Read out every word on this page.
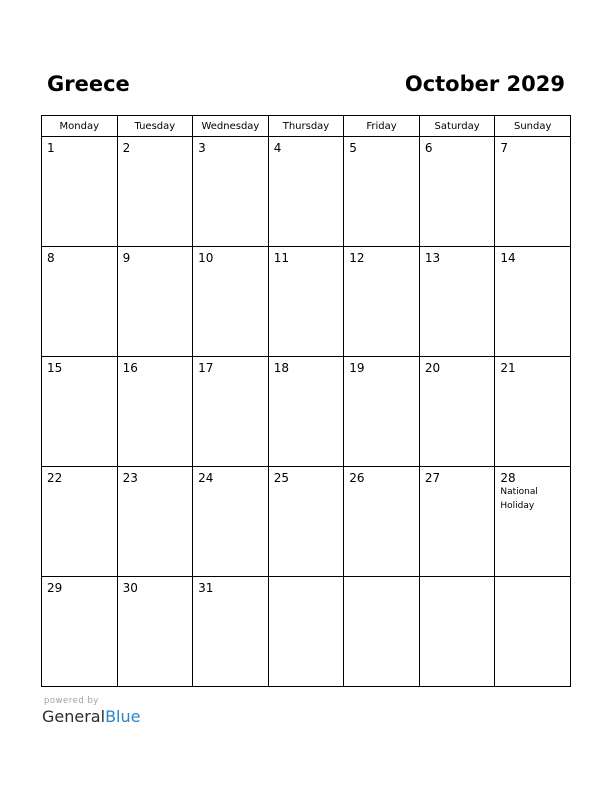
Greece	October 2029
Monday	Tuesday	Wednesday	Thursday	Friday	Saturday	Sunday

1	2	3	4	5	6	7

8	9	10	11	12	13	14

15	16	17	18	19	20	21

22	23	24	25	26	27	28
National Holiday

29	30	31				

powered by
GeneralBlue
